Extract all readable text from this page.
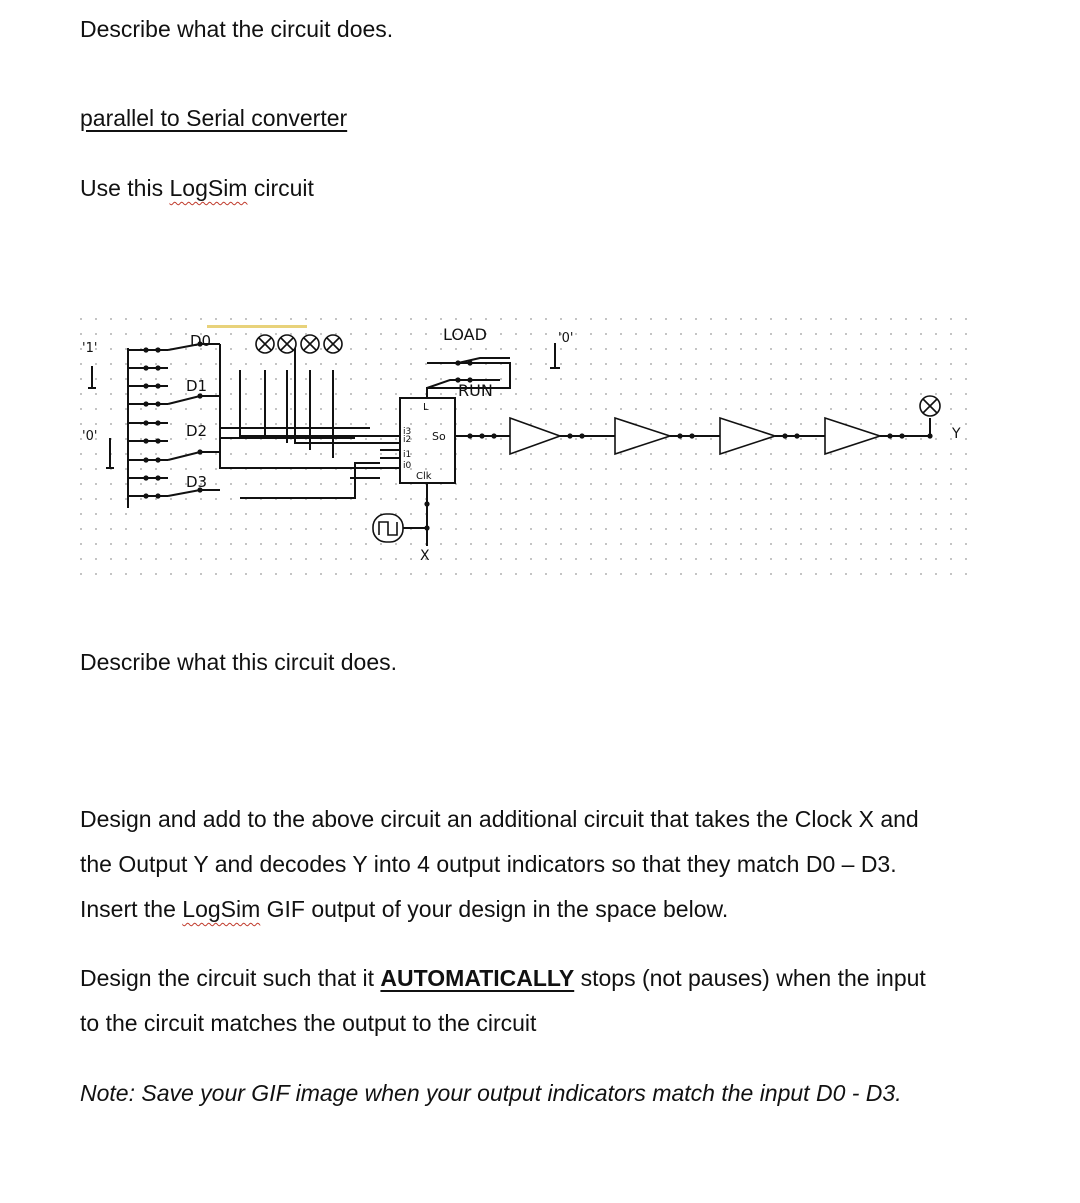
Describe what the circuit does.
parallel to Serial converter
Use this LogSim circuit
D0
D1
D2
D3
'1'
'0'
'0'
LOAD
RUN
L
i3
i2
i1
i0
So
Clk
X
Y
Describe what this circuit does.
Design and add to the above circuit an additional circuit that takes the Clock X and
the Output Y and decodes Y into 4 output indicators so that they match D0 – D3.
Insert the LogSim GIF output of your design in the space below.
Design the circuit such that it AUTOMATICALLY stops (not pauses) when the input
to the circuit matches the output to the circuit
Note: Save your GIF image when your output indicators match the input D0 - D3.
